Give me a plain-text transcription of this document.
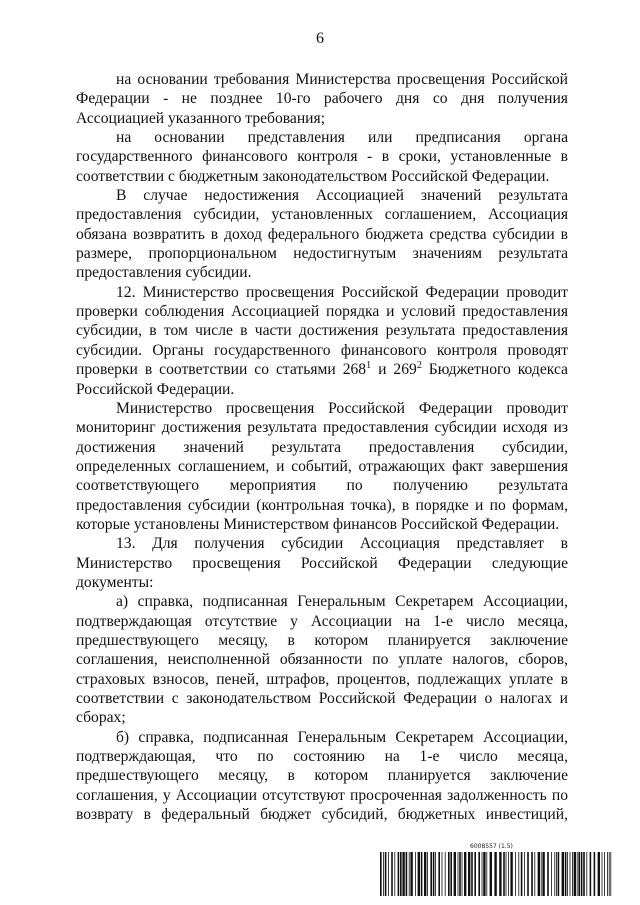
6

на основании требования Министерства просвещения Российской Федерации - не позднее 10-го рабочего дня со дня получения Ассоциацией указанного требования;

на основании представления или предписания органа государственного финансового контроля - в сроки, установленные в соответствии с бюджетным законодательством Российской Федерации.

В случае недостижения Ассоциацией значений результата предоставления субсидии, установленных соглашением, Ассоциация обязана возвратить в доход федерального бюджета средства субсидии в размере, пропорциональном недостигнутым значениям результата предоставления субсидии.

12. Министерство просвещения Российской Федерации проводит проверки соблюдения Ассоциацией порядка и условий предоставления субсидии, в том числе в части достижения результата предоставления субсидии. Органы государственного финансового контроля проводят проверки в соответствии со статьями $268^1$ и $269^2$ Бюджетного кодекса Российской Федерации.

Министерство просвещения Российской Федерации проводит мониторинг достижения результата предоставления субсидии исходя из достижения значений результата предоставления субсидии, определенных соглашением, и событий, отражающих факт завершения соответствующего мероприятия по получению результата предоставления субсидии (контрольная точка), в порядке и по формам, которые установлены Министерством финансов Российской Федерации.

13. Для получения субсидии Ассоциация представляет в Министерство просвещения Российской Федерации следующие документы:

а) справка, подписанная Генеральным Секретарем Ассоциации, подтверждающая отсутствие у Ассоциации на 1-е число месяца, предшествующего месяцу, в котором планируется заключение соглашения, неисполненной обязанности по уплате налогов, сборов, страховых взносов, пеней, штрафов, процентов, подлежащих уплате в соответствии с законодательством Российской Федерации о налогах и сборах;

б) справка, подписанная Генеральным Секретарем Ассоциации, подтверждающая, что по состоянию на 1-е число месяца, предшествующего месяцу, в котором планируется заключение соглашения, у Ассоциации отсутствуют просроченная задолженность по возврату в федеральный бюджет субсидий, бюджетных инвестиций,

6008557 (1.5)
